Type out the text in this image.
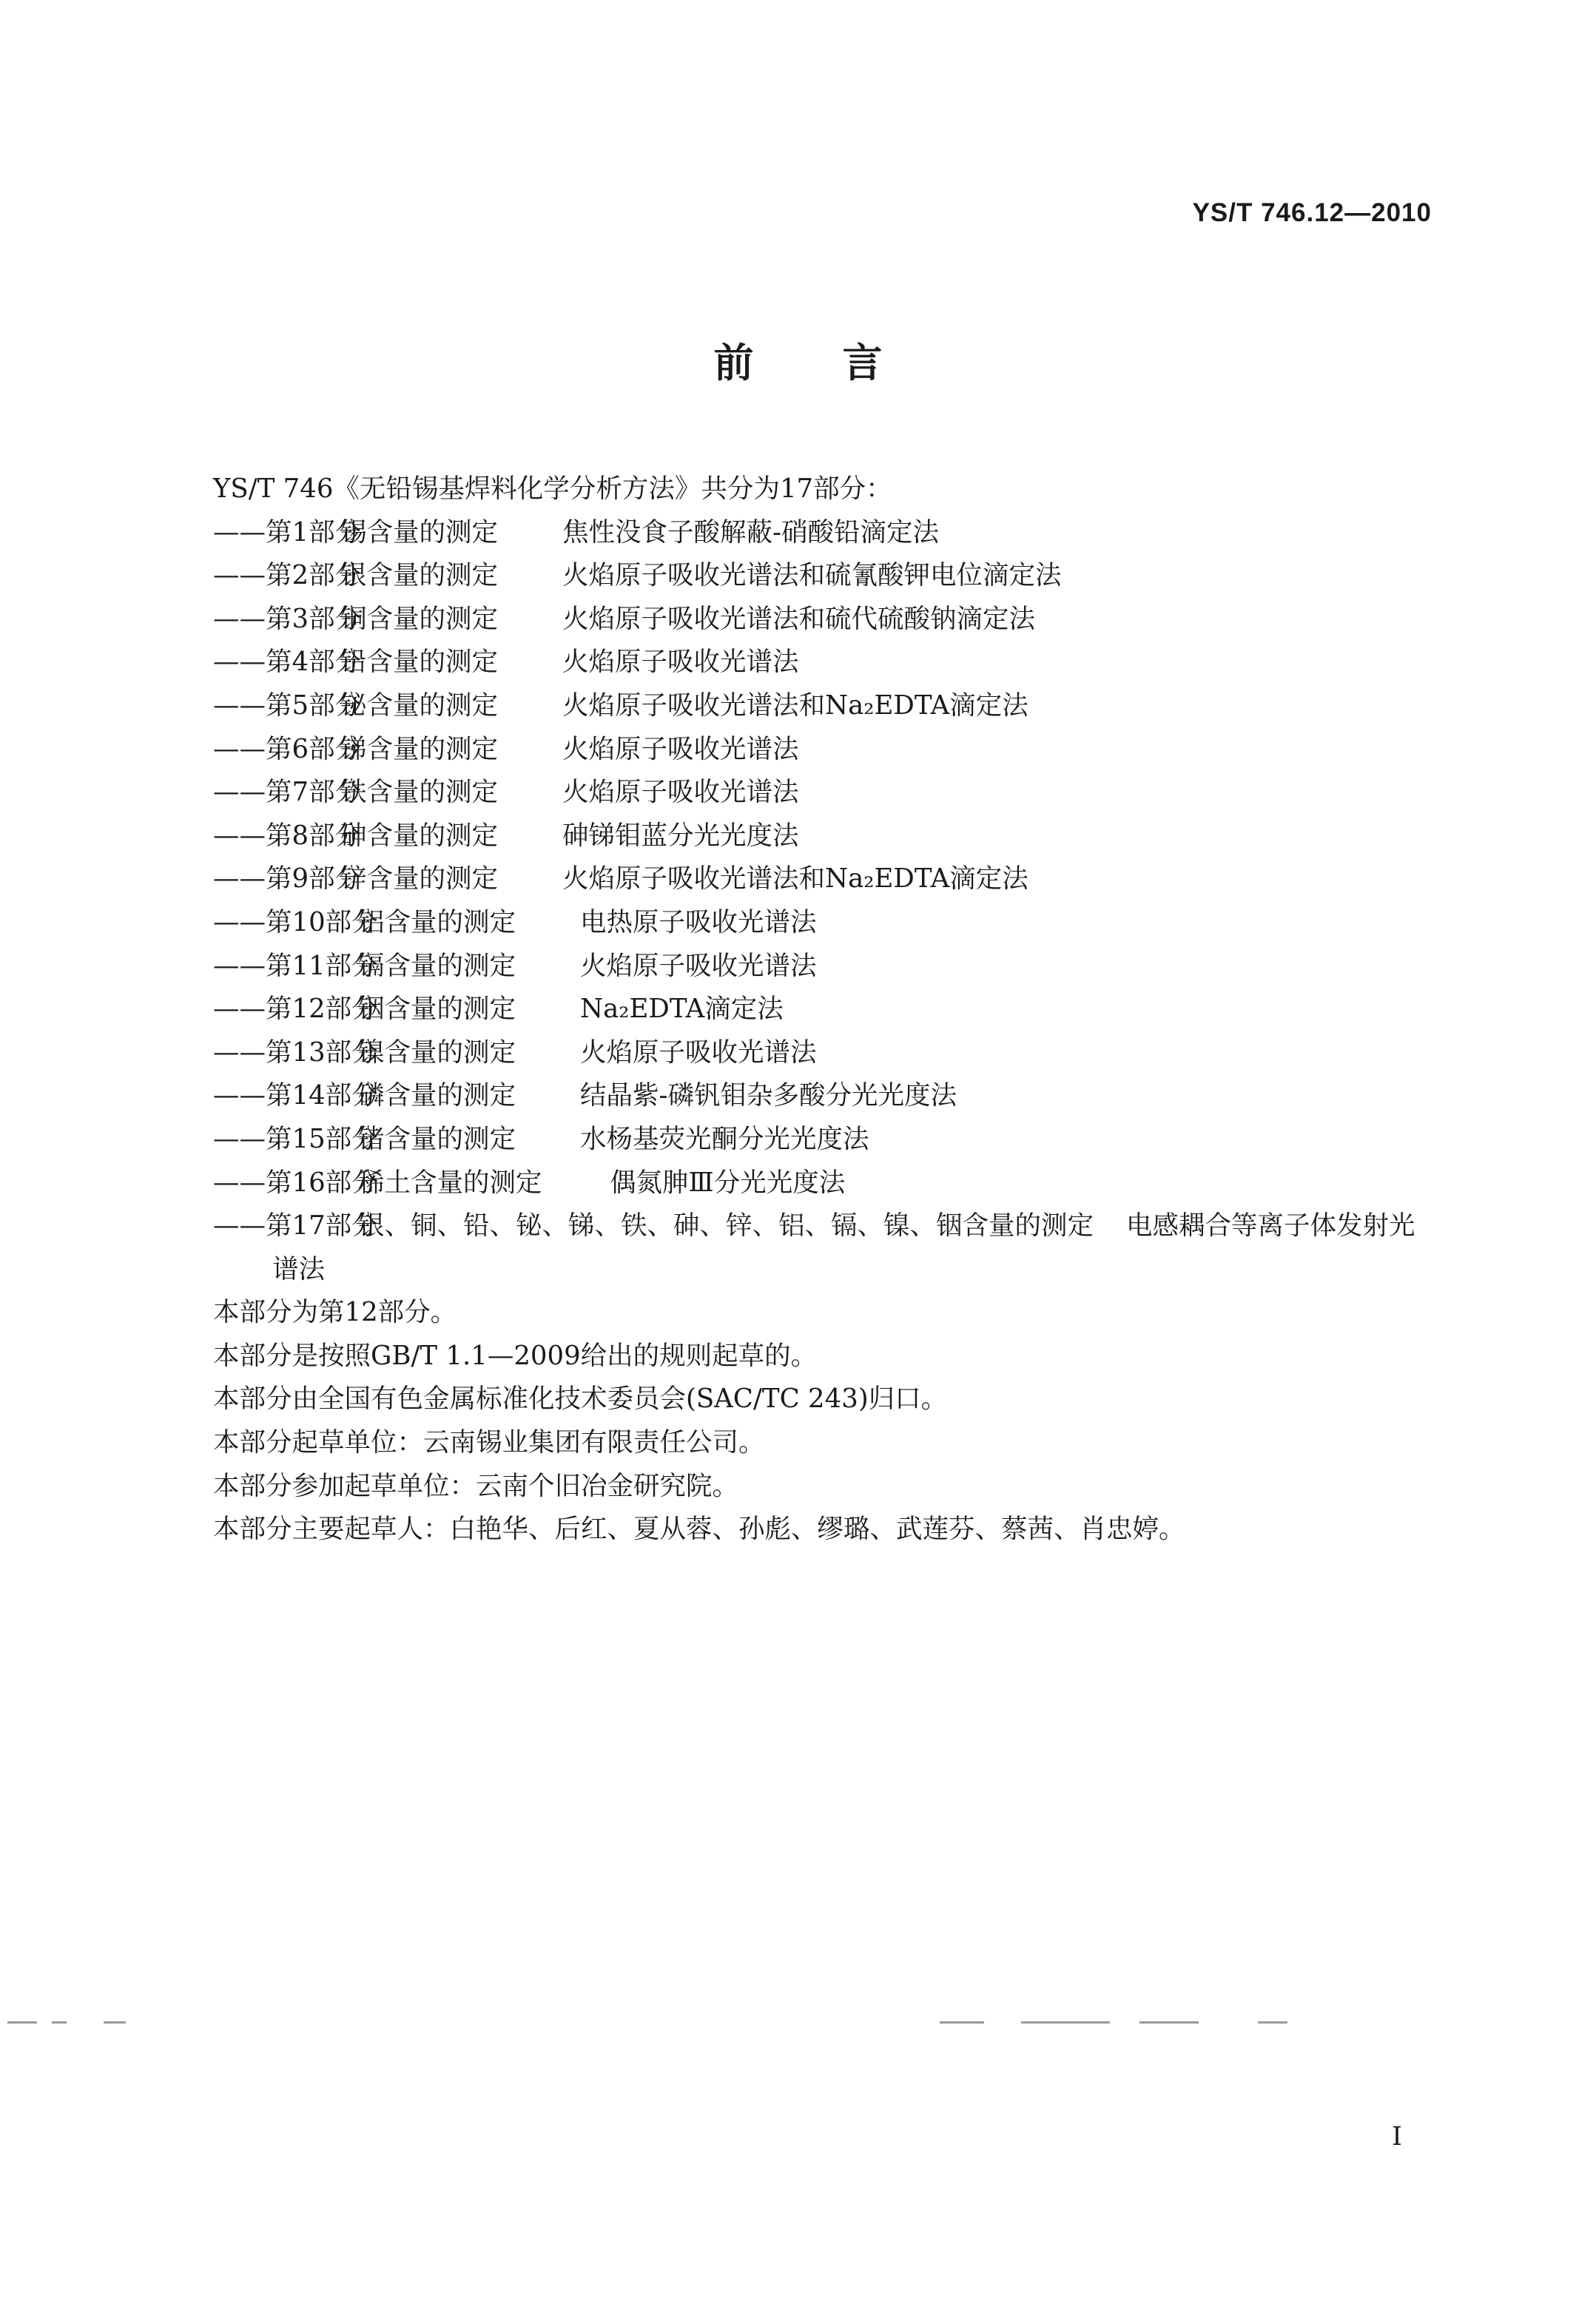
YS/T 746.12—2010
前言
YS/T 746《无铅锡基焊料化学分析方法》共分为17部分：
——第1部分锡含量的测定 焦性没食子酸解蔽-硝酸铅滴定法
——第2部分银含量的测定 火焰原子吸收光谱法和硫氰酸钾电位滴定法
——第3部分铜含量的测定 火焰原子吸收光谱法和硫代硫酸钠滴定法
——第4部分铅含量的测定 火焰原子吸收光谱法
——第5部分铋含量的测定 火焰原子吸收光谱法和Na₂EDTA滴定法
——第6部分锑含量的测定 火焰原子吸收光谱法
——第7部分铁含量的测定 火焰原子吸收光谱法
——第8部分砷含量的测定 砷锑钼蓝分光光度法
——第9部分锌含量的测定 火焰原子吸收光谱法和Na₂EDTA滴定法
——第10部分铝含量的测定 电热原子吸收光谱法
——第11部分镉含量的测定 火焰原子吸收光谱法
——第12部分铟含量的测定 Na₂EDTA滴定法
——第13部分镍含量的测定 火焰原子吸收光谱法
——第14部分磷含量的测定 结晶紫-磷钒钼杂多酸分光光度法
——第15部分锗含量的测定 水杨基荧光酮分光光度法
——第16部分稀土含量的测定	偶氮胂Ⅲ分光光度法
——第17部分银、铜、铅、铋、锑、铁、砷、锌、铝、镉、镍、铟含量的测定 电感耦合等离子体发射光
谱法
本部分为第12部分。
本部分是按照GB/T 1.1—2009给出的规则起草的。
本部分由全国有色金属标准化技术委员会(SAC/TC 243)归口。
本部分起草单位：云南锡业集团有限责任公司。
本部分参加起草单位：云南个旧冶金研究院。
本部分主要起草人：白艳华、后红、夏从蓉、孙彪、缪璐、武莲芬、蔡茜、肖忠婷。
I
